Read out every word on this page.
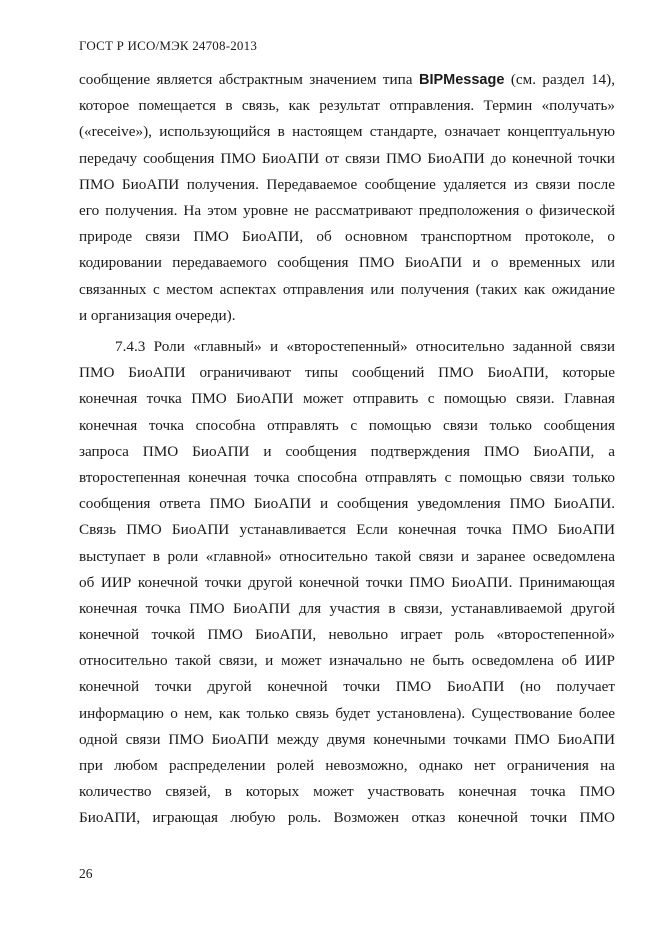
ГОСТ Р ИСО/МЭК 24708-2013
сообщение является абстрактным значением типа BIPMessage (см. раздел 14),
которое помещается в связь, как результат отправления. Термин «получать»
(«receive»), использующийся в настоящем стандарте, означает концептуальную
передачу сообщения ПМО БиоАПИ от связи ПМО БиоАПИ до конечной точки
ПМО БиоАПИ получения. Передаваемое сообщение удаляется из связи после
его получения. На этом уровне не рассматривают предположения о физической
природе связи ПМО БиоАПИ, об основном транспортном протоколе, о
кодировании передаваемого сообщения ПМО БиоАПИ и о временных или
связанных с местом аспектах отправления или получения (таких как ожидание
и организация очереди).
7.4.3 Роли «главный» и «второстепенный» относительно заданной связи
ПМО БиоАПИ ограничивают типы сообщений ПМО БиоАПИ, которые
конечная точка ПМО БиоАПИ может отправить с помощью связи. Главная
конечная точка способна отправлять с помощью связи только сообщения
запроса ПМО БиоАПИ и сообщения подтверждения ПМО БиоАПИ, а
второстепенная конечная точка способна отправлять с помощью связи только
сообщения ответа ПМО БиоАПИ и сообщения уведомления ПМО БиоАПИ.
Связь ПМО БиоАПИ устанавливается Если конечная точка ПМО БиоАПИ
выступает в роли «главной» относительно такой связи и заранее осведомлена
об ИИР конечной точки другой конечной точки ПМО БиоАПИ. Принимающая
конечная точка ПМО БиоАПИ для участия в связи, устанавливаемой другой
конечной точкой ПМО БиоАПИ, невольно играет роль «второстепенной»
относительно такой связи, и может изначально не быть осведомлена об ИИР
конечной точки другой конечной точки ПМО БиоАПИ (но получает
информацию о нем, как только связь будет установлена). Существование более
одной связи ПМО БиоАПИ между двумя конечными точками ПМО БиоАПИ
при любом распределении ролей невозможно, однако нет ограничения на
количество связей, в которых может участвовать конечная точка ПМО
БиоАПИ, играющая любую роль. Возможен отказ конечной точки ПМО
26
